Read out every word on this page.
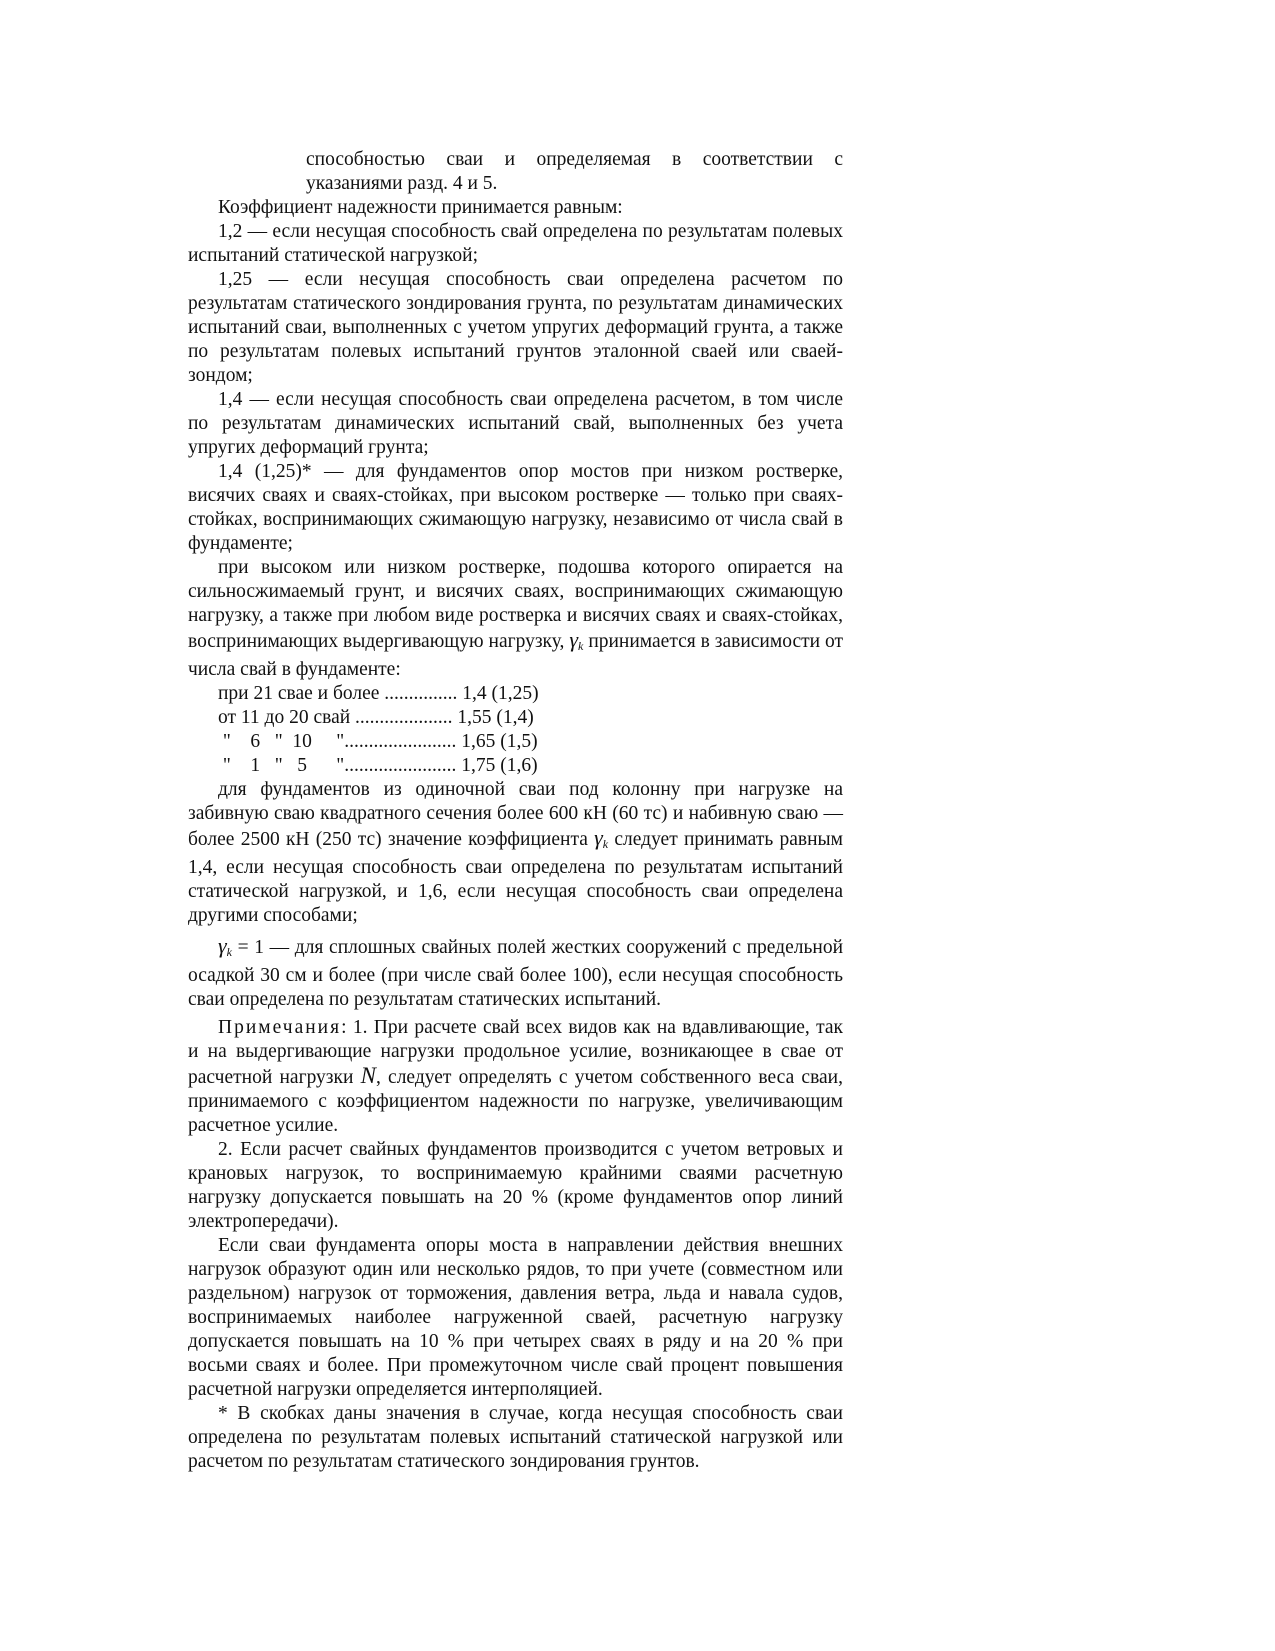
способностью сваи и определяемая в соответствии с указаниями разд. 4 и 5.

Коэффициент надежности принимается равным:

1,2 — если несущая способность свай определена по результатам полевых испытаний статической нагрузкой;

1,25 — если несущая способность сваи определена расчетом по результатам статического зондирования грунта, по результатам динамических испытаний сваи, выполненных с учетом упругих деформаций грунта, а также по результатам полевых испытаний грунтов эталонной сваей или сваей-зондом;

1,4 — если несущая способность сваи определена расчетом, в том числе по результатам динамических испытаний свай, выполненных без учета упругих деформаций грунта;

1,4 (1,25)* — для фундаментов опор мостов при низком ростверке, висячих сваях и сваях-стойках, при высоком ростверке — только при сваях-стойках, воспринимающих сжимающую нагрузку, независимо от числа свай в фундаменте;

при высоком или низком ростверке, подошва которого опирается на сильносжимаемый грунт, и висячих сваях, воспринимающих сжимающую нагрузку, а также при любом виде ростверка и висячих сваях и сваях-стойках, воспринимающих выдергивающую нагрузку, $\gamma_k$ принимается в зависимости от числа свай в фундаменте:

при 21 сваe и более ............... 1,4 (1,25)

от 11 до 20 свай .................... 1,55 (1,4)

"    6   "  10     "....................... 1,65 (1,5)

"    1   "   5      "....................... 1,75 (1,6)

для фундаментов из одиночной сваи под колонну при нагрузке на забивную сваю квадратного сечения более 600 кН (60 тс) и набивную сваю — более 2500 кН (250 тс) значение коэффициента $\gamma_k$ следует принимать равным 1,4, если несущая способность сваи определена по результатам испытаний статической нагрузкой, и 1,6, если несущая способность сваи определена другими способами;

$\gamma_k = 1$ — для сплошных свайных полей жестких сооружений с предельной осадкой 30 см и более (при числе свай более 100), если несущая способность сваи определена по результатам статических испытаний.

Примечания: 1. При расчете свай всех видов как на вдавливающие, так и на выдергивающие нагрузки продольное усилие, возникающее в свае от расчетной нагрузки N, следует определять с учетом собственного веса сваи, принимаемого с коэффициентом надежности по нагрузке, увеличивающим расчетное усилие.

2. Если расчет свайных фундаментов производится с учетом ветровых и крановых нагрузок, то воспринимаемую крайними сваями расчетную нагрузку допускается повышать на 20 % (кроме фундаментов опор линий электропередачи).

Если сваи фундамента опоры моста в направлении действия внешних нагрузок образуют один или несколько рядов, то при учете (совместном или раздельном) нагрузок от торможения, давления ветра, льда и навала судов, воспринимаемых наиболее нагруженной сваей, расчетную нагрузку допускается повышать на 10 % при четырех сваях в ряду и на 20 % при восьми сваях и более. При промежуточном числе свай процент повышения расчетной нагрузки определяется интерполяцией.

* В скобках даны значения в случае, когда несущая способность сваи определена по результатам полевых испытаний статической нагрузкой или расчетом по результатам статического зондирования грунтов.
